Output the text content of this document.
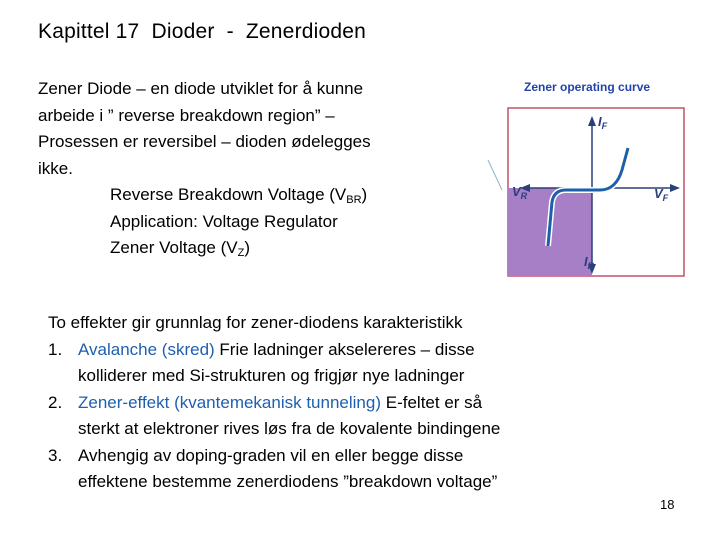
Kapittel 17  Dioder  -  Zenerdioden
Zener Diode – en diode utviklet for å kunne
arbeide i ” reverse breakdown region” –
Prosessen er reversibel – dioden ødelegges
ikke.
Reverse Breakdown Voltage $(V_{BR})$
Application: Voltage Regulator
Zener Voltage $(V_Z)$
Zener operating curve
$I_F$
$V_R$	$V_F$
$I_R$
To effekter gir grunnlag for zener-diodens karakteristikk
1. Avalanche (skred) Frie ladninger akselereres – disse
kolliderer med Si-strukturen og frigjør nye ladninger
2. Zener-effekt (kvantemekanisk tunneling) E-feltet er så
sterkt at elektroner rives løs fra de kovalente bindingene
3. Avhengig av doping-graden vil en eller begge disse
effektene bestemme zenerdiodens ”breakdown voltage”
18
